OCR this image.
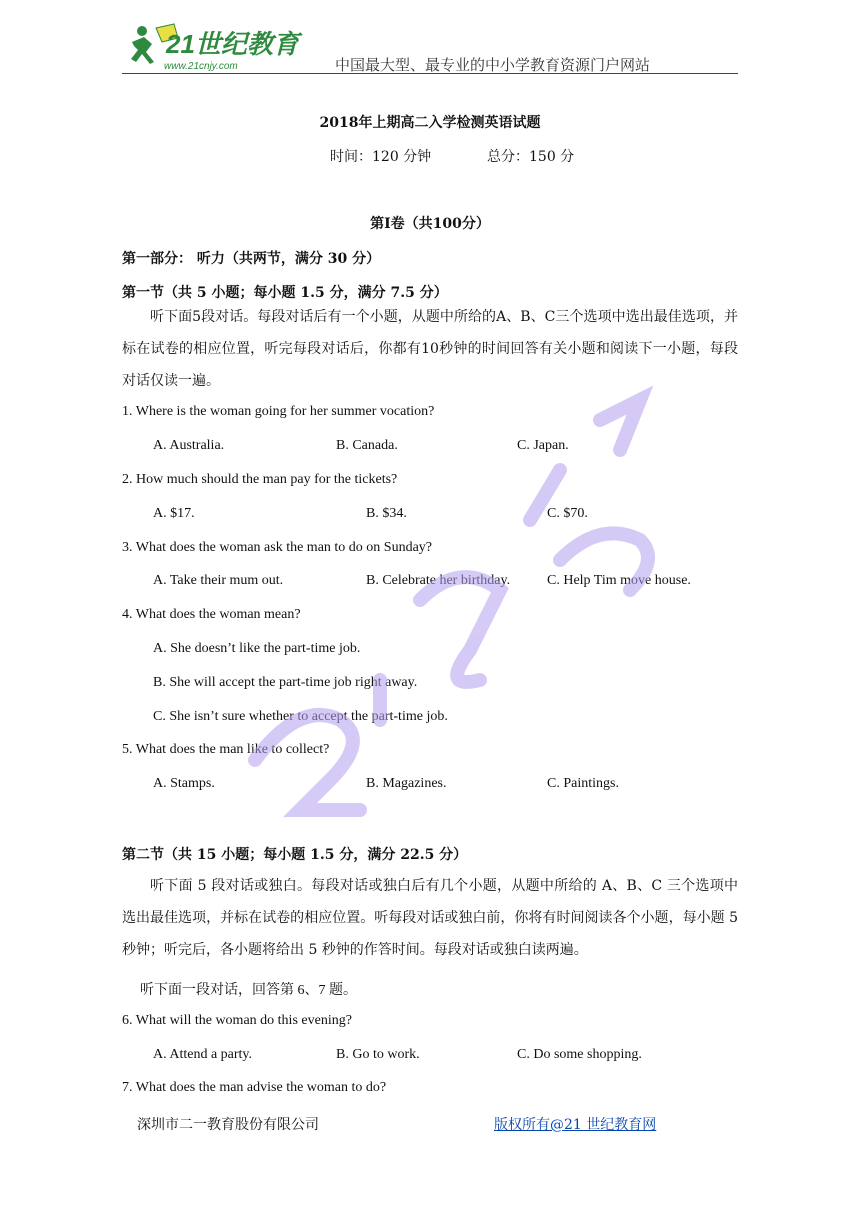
21世纪教育
www.21cnjy.com	中国最大型、最专业的中小学教育资源门户网站
2018年上期高二入学检测英语试题
时间：120 分钟	总分：150 分
第I卷（共100分）
第一部分： 听力（共两节，满分 30 分）
第一节（共 5 小题；每小题 1.5 分，满分 7.5 分）
听下面5段对话。每段对话后有一个小题，从题中所给的A、B、C三个选项中选出最佳选项，并标在试卷的相应位置，听完每段对话后，你都有10秒钟的时间回答有关小题和阅读下一小题，每段对话仅读一遍。
1. Where is the woman going for her summer vocation?
A. Australia.	B. Canada.	C. Japan.
2. How much should the man pay for the tickets?
A. $17.	B. $34.	C. $70.
3. What does the woman ask the man to do on Sunday?
A. Take their mum out.	B. Celebrate her birthday.	C. Help Tim move house.
4. What does the woman mean?
A. She doesn’t like the part-time job.
B. She will accept the part-time job right away.
C. She isn’t sure whether to accept the part-time job.
5. What does the man like to collect?
A. Stamps.	B. Magazines.	C. Paintings.
第二节（共 15 小题；每小题 1.5 分，满分 22.5 分）
听下面 5 段对话或独白。每段对话或独白后有几个小题，从题中所给的 A、B、C 三个选项中选出最佳选项，并标在试卷的相应位置。听每段对话或独白前，你将有时间阅读各个小题，每小题 5 秒钟；听完后，各小题将给出 5 秒钟的作答时间。每段对话或独白读两遍。
听下面一段对话，回答第 6、7 题。
6. What will the woman do this evening?
A. Attend a party.	B. Go to work.	C. Do some shopping.
7. What does the man advise the woman to do?
深圳市二一教育股份有限公司	版权所有@21 世纪教育网
